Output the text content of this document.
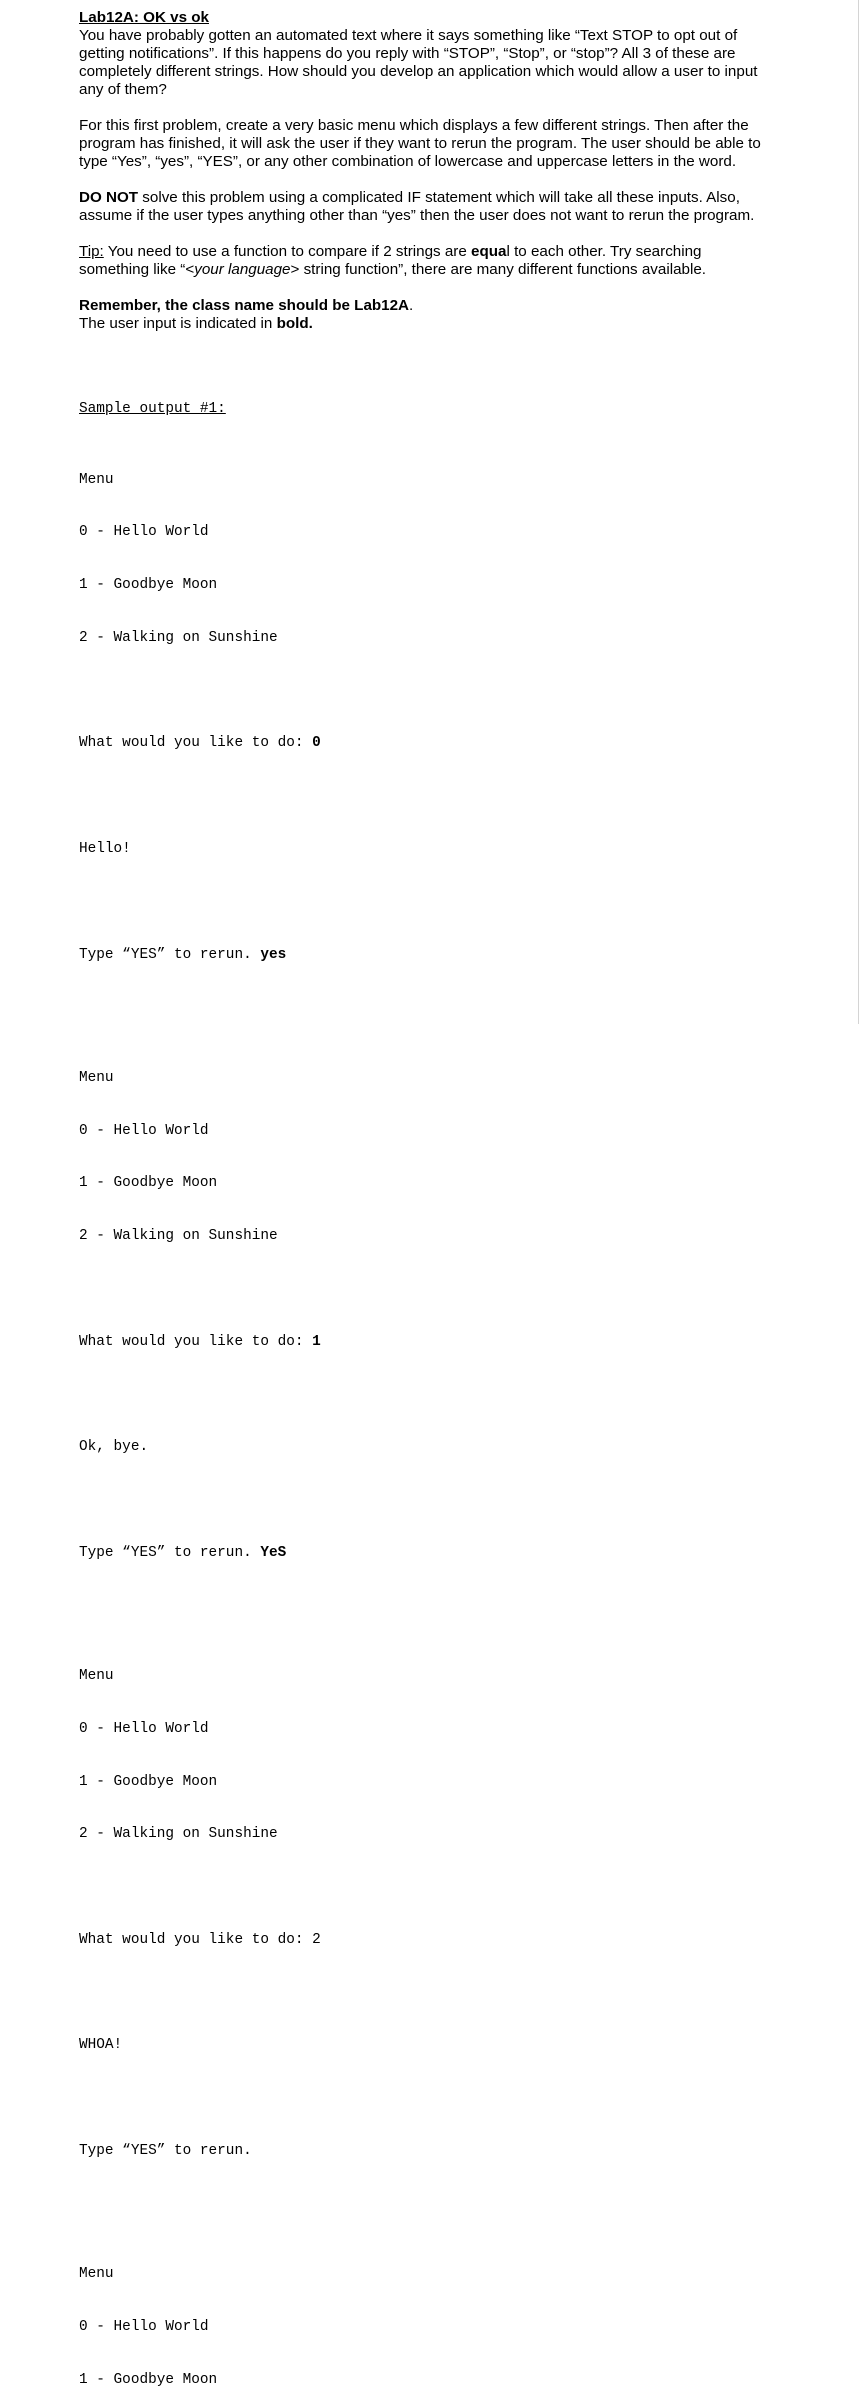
Lab12A: OK vs ok

You have probably gotten an automated text where it says something like “Text STOP to opt out of
getting notifications”. If this happens do you reply with “STOP”, “Stop”, or “stop”? All 3 of these are
completely different strings. How should you develop an application which would allow a user to input
any of them?

For this first problem, create a very basic menu which displays a few different strings. Then after the
program has finished, it will ask the user if they want to rerun the program. The user should be able to
type “Yes”, “yes”, “YES”, or any other combination of lowercase and uppercase letters in the word.

DO NOT solve this problem using a complicated IF statement which will take all these inputs. Also,
assume if the user types anything other than “yes” then the user does not want to rerun the program.

Tip: You need to use a function to compare if 2 strings are equal to each other. Try searching
something like “<your language> string function”, there are many different functions available.

Remember, the class name should be Lab12A.
The user input is indicated in bold.

Sample output #1:

Menu

0 - Hello World

1 - Goodbye Moon

2 - Walking on Sunshine

What would you like to do: 0

Hello!

Type “YES” to rerun. yes

Menu

0 - Hello World

1 - Goodbye Moon

2 - Walking on Sunshine

What would you like to do: 1

Ok, bye.

Type “YES” to rerun. YeS

Menu

0 - Hello World

1 - Goodbye Moon

2 - Walking on Sunshine

What would you like to do: 2

WHOA!

Type “YES” to rerun.

Menu

0 - Hello World

1 - Goodbye Moon
